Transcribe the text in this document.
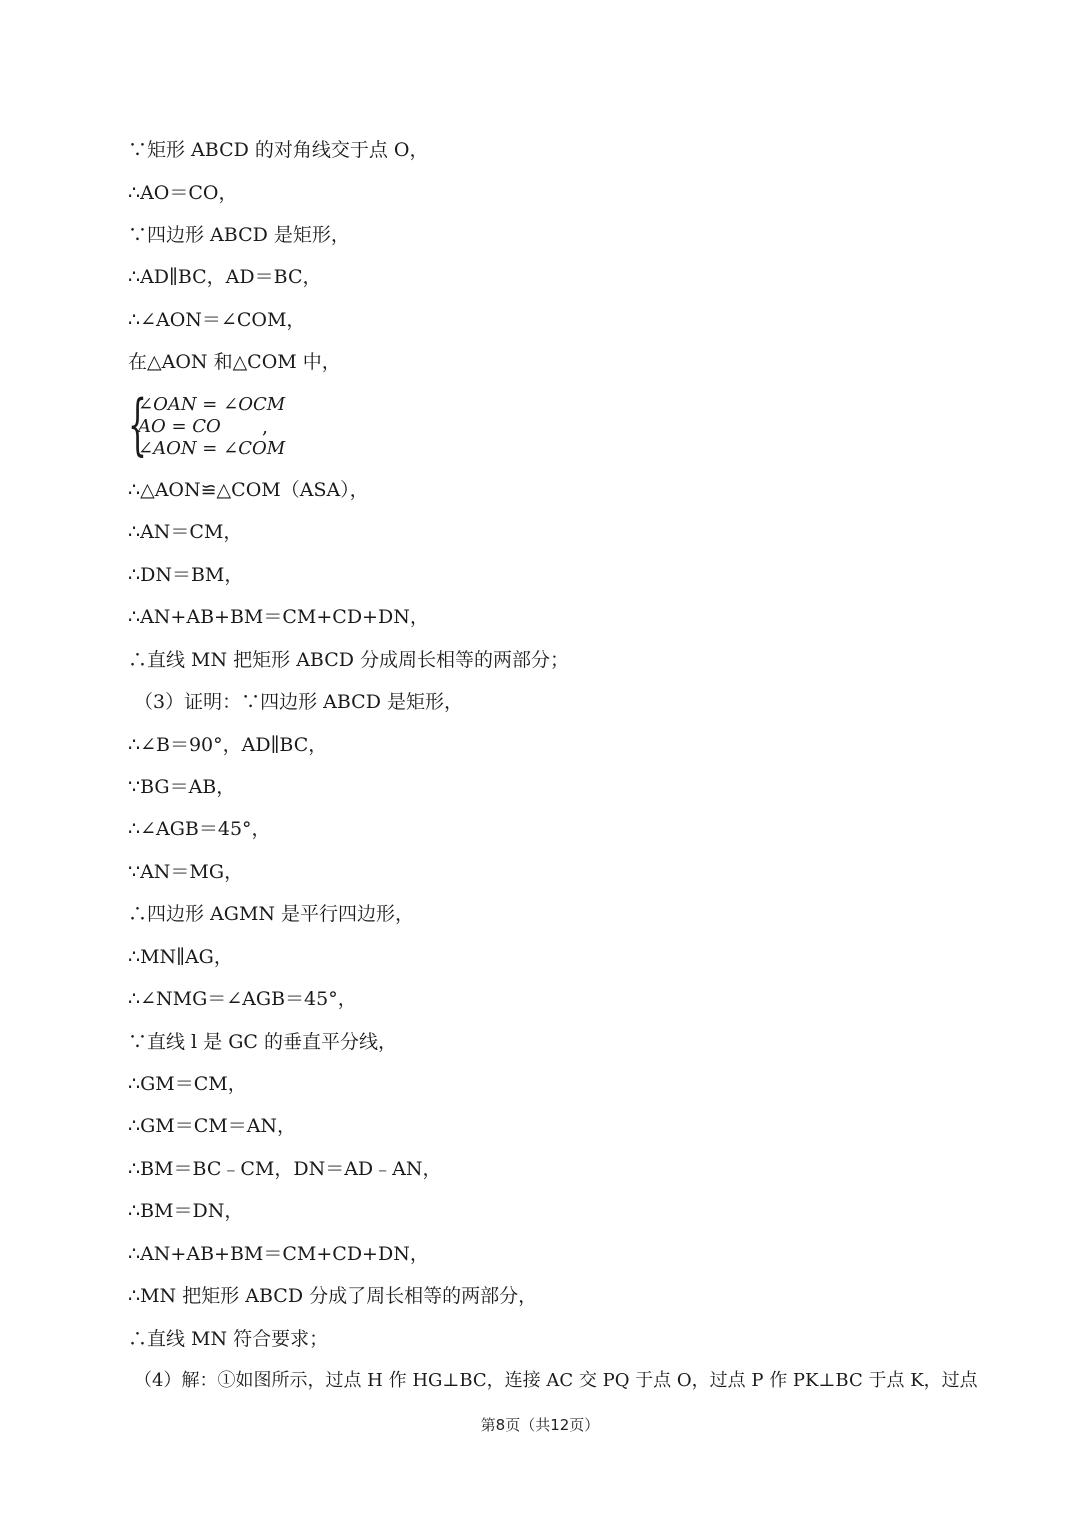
∵矩形 ABCD 的对角线交于点 O，
∴AO＝CO，
∵四边形 ABCD 是矩形，
∴AD∥BC，AD＝BC，
∴∠AON＝∠COM，
在△AON 和△COM 中，
{
∠OAN = ∠OCM
AO = CO
∠AON = ∠COM
,
∴△AON≌△COM（ASA），
∴AN＝CM，
∴DN＝BM，
∴AN+AB+BM＝CM+CD+DN，
∴直线 MN 把矩形 ABCD 分成周长相等的两部分；
（3）证明：∵四边形 ABCD 是矩形，
∴∠B＝90°，AD∥BC，
∵BG＝AB，
∴∠AGB＝45°，
∵AN＝MG，
∴四边形 AGMN 是平行四边形，
∴MN∥AG，
∴∠NMG＝∠AGB＝45°，
∵直线 l 是 GC 的垂直平分线，
∴GM＝CM，
∴GM＝CM＝AN，
∴BM＝BC﹣CM，DN＝AD﹣AN，
∴BM＝DN，
∴AN+AB+BM＝CM+CD+DN，
∴MN 把矩形 ABCD 分成了周长相等的两部分，
∴直线 MN 符合要求；
（4）解：①如图所示，过点 H 作 HG⊥BC，连接 AC 交 PQ 于点 O，过点 P 作 PK⊥BC 于点 K，过点
第8页（共12页）
